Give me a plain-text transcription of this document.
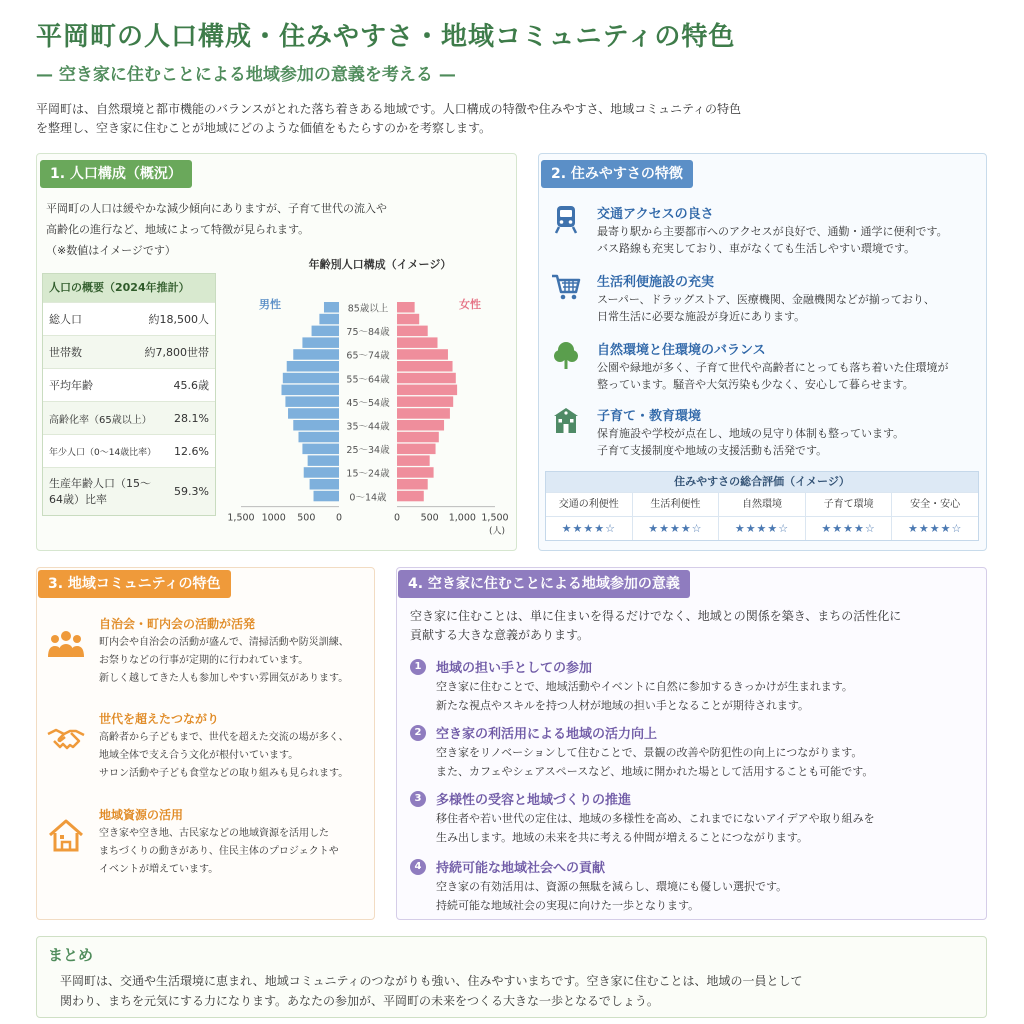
平岡町の人口構成・住みやすさ・地域コミュニティの特色
— 空き家に住むことによる地域参加の意義を考える —
平岡町は、自然環境と都市機能のバランスがとれた落ち着きある地域です。人口構成の特徴や住みやすさ、地域コミュニティの特色
を整理し、空き家に住むことが地域にどのような価値をもたらすのかを考察します。
1. 人口構成（概況）
平岡町の人口は緩やかな減少傾向にありますが、子育て世代の流入や
高齢化の進行など、地域によって特徴が見られます。
（※数値はイメージです）
人口の概要（2024年推計）
総人口	約18,500人
世帯数	約7,800世帯
平均年齢	45.6歳
高齢化率（65歳以上） 28.1%
年少人口（0〜14歳比率） 12.6%
生産年齢人口（15〜64歳）比率
59.3%
年齢別人口構成（イメージ）
男性	女性
85歳以上
75〜84歳
65〜74歳
55〜64歳
45〜54歳
35〜44歳
25〜34歳
15〜24歳
0〜14歳
1,500 1000 500 0	0 500 1,000 1,500
(人)
2. 住みやすさの特徴
交通アクセスの良さ
最寄り駅から主要都市へのアクセスが良好で、通勤・通学に便利です。
バス路線も充実しており、車がなくても生活しやすい環境です。
生活利便施設の充実
スーパー、ドラッグストア、医療機関、金融機関などが揃っており、
日常生活に必要な施設が身近にあります。
自然環境と住環境のバランス
公園や緑地が多く、子育て世代や高齢者にとっても落ち着いた住環境が
整っています。騒音や大気汚染も少なく、安心して暮らせます。
子育て・教育環境
保育施設や学校が点在し、地域の見守り体制も整っています。
子育て支援制度や地域の支援活動も活発です。
住みやすさの総合評価（イメージ）
交通の利便性	生活利便性	自然環境	子育て環境	安全・安心
★★★★☆	★★★★☆	★★★★☆	★★★★☆	★★★★☆
3. 地域コミュニティの特色
自治会・町内会の活動が活発
町内会や自治会の活動が盛んで、清掃活動や防災訓練、
お祭りなどの行事が定期的に行われています。
新しく越してきた人も参加しやすい雰囲気があります。
世代を超えたつながり
高齢者から子どもまで、世代を超えた交流の場が多く、
地域全体で支え合う文化が根付いています。
サロン活動や子ども食堂などの取り組みも見られます。
地域資源の活用
空き家や空き地、古民家などの地域資源を活用した
まちづくりの動きがあり、住民主体のプロジェクトや
イベントが増えています。
4. 空き家に住むことによる地域参加の意義
空き家に住むことは、単に住まいを得るだけでなく、地域との関係を築き、まちの活性化に
貢献する大きな意義があります。
1	地域の担い手としての参加
空き家に住むことで、地域活動やイベントに自然に参加するきっかけが生まれます。
新たな視点やスキルを持つ人材が地域の担い手となることが期待されます。
2	空き家の利活用による地域の活力向上
空き家をリノベーションして住むことで、景観の改善や防犯性の向上につながります。
また、カフェやシェアスペースなど、地域に開かれた場として活用することも可能です。
3	多様性の受容と地域づくりの推進
移住者や若い世代の定住は、地域の多様性を高め、これまでにないアイデアや取り組みを
生み出します。地域の未来を共に考える仲間が増えることにつながります。
4	持続可能な地域社会への貢献
空き家の有効活用は、資源の無駄を減らし、環境にも優しい選択です。
持続可能な地域社会の実現に向けた一歩となります。
まとめ
平岡町は、交通や生活環境に恵まれ、地域コミュニティのつながりも強い、住みやすいまちです。空き家に住むことは、地域の一員として
関わり、まちを元気にする力になります。あなたの参加が、平岡町の未来をつくる大きな一歩となるでしょう。
